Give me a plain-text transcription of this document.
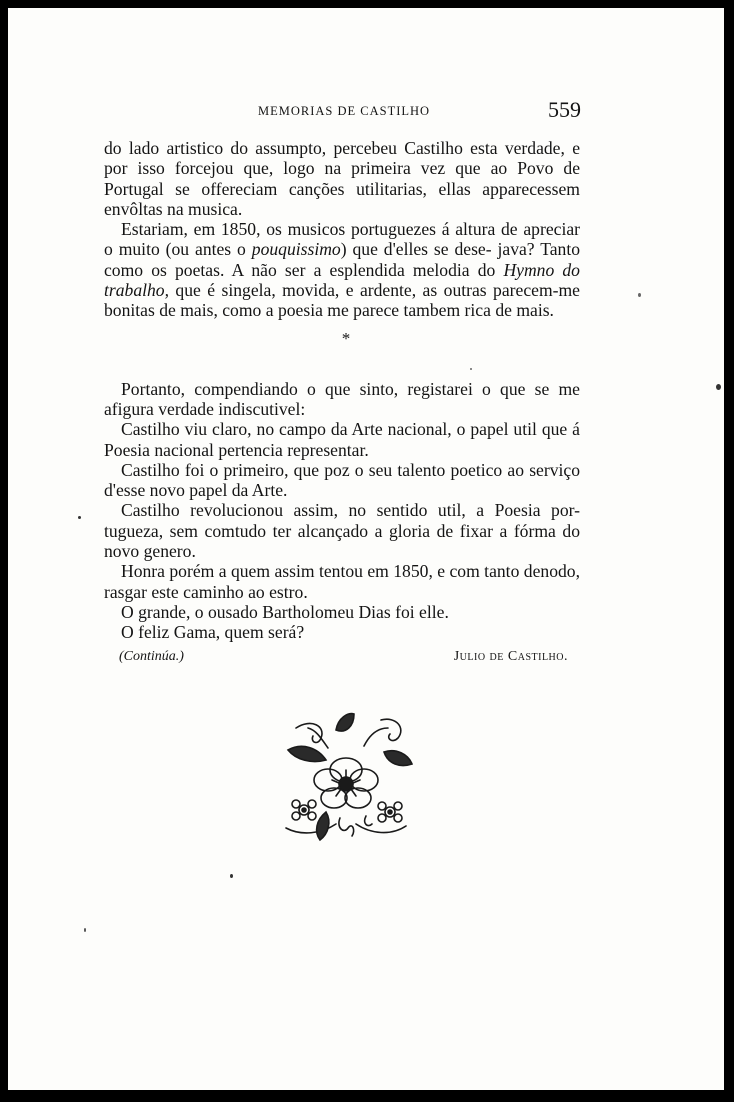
MEMORIAS DE CASTILHO	559

do lado artistico do assumpto, percebeu Castilho esta verdade, e por isso forcejou que, logo na primeira vez que ao Povo de Portugal se offereciam canções utilitarias, ellas apparecessem envôltas na musica.

Estariam, em 1850, os musicos portuguezes á altura de apreciar o muito (ou antes o pouquissimo) que d'elles se dese- java? Tanto como os poetas. A não ser a esplendida melodia do Hymno do trabalho, que é singela, movida, e ardente, as outras parecem-me bonitas de mais, como a poesia me parece tambem rica de mais.

*

Portanto, compendiando o que sinto, registarei o que se me afigura verdade indiscutivel:

Castilho viu claro, no campo da Arte nacional, o papel util que á Poesia nacional pertencia representar.

Castilho foi o primeiro, que poz o seu talento poetico ao serviço d'esse novo papel da Arte.

Castilho revolucionou assim, no sentido util, a Poesia por- tugueza, sem comtudo ter alcançado a gloria de fixar a fórma do novo genero.

Honra porém a quem assim tentou em 1850, e com tanto denodo, rasgar este caminho ao estro.

O grande, o ousado Bartholomeu Dias foi elle.

O feliz Gama, quem será?

(Continúa.)	Julio de Castilho.
